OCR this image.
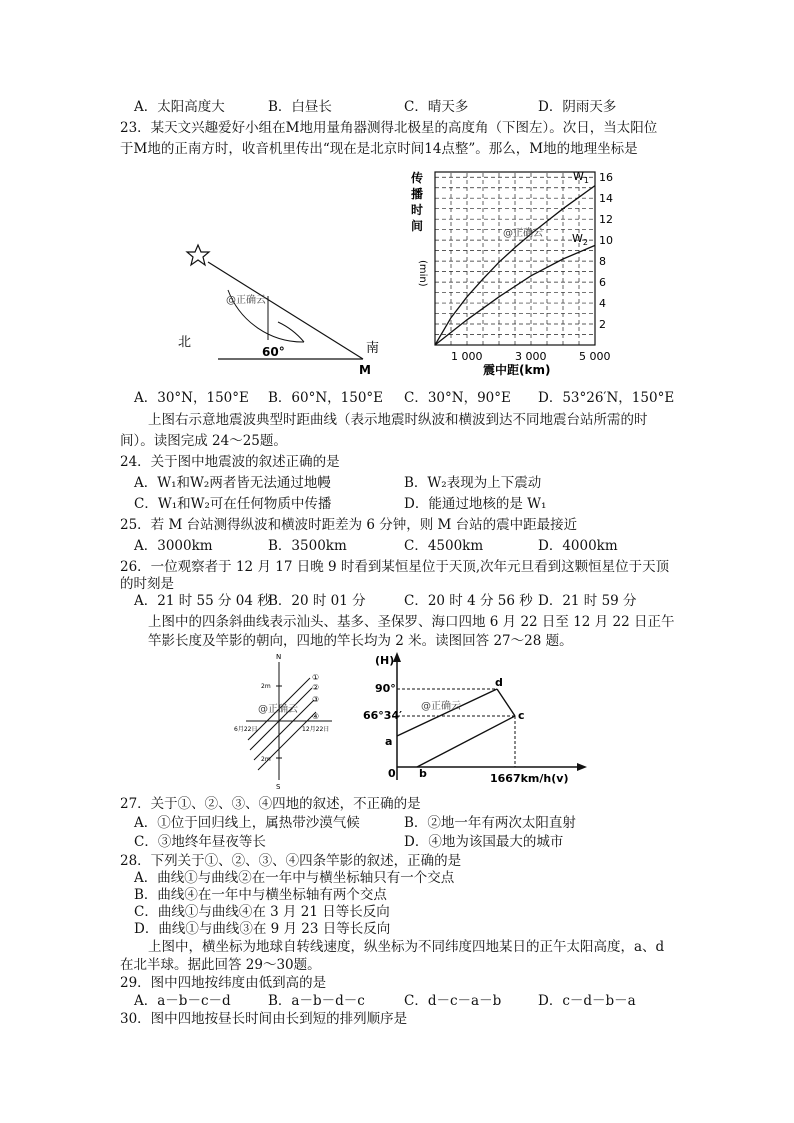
A．太阳高度大	B．白昼长	C．晴天多	D．阴雨天多
23．某天文兴趣爱好小组在M地用量角器测得北极星的高度角（下图左）。次日，当太阳位
于M地的正南方时，收音机里传出“现在是北京时间14点整”。那么，M地的地理坐标是
北	南
60°
M
@正确云
传
播
时
间
(min)
16
14
12
10
8
6
4
2
1 000	3 000	5 000
$W_1$
$W_2$
震中距(km)
@正确云
A．30°N，150°E B．60°N，150°E C．30°N，90°E D．53°26′N，150°E
上图右示意地震波典型时距曲线（表示地震时纵波和横波到达不同地震台站所需的时
间）。读图完成 24～25题。
24．关于图中地震波的叙述正确的是
A．W₁和W₂两者皆无法通过地幔	B．W₂表现为上下震动
C．W₁和W₂可在任何物质中传播	D．能通过地核的是 W₁
25．若 M 台站测得纵波和横波时距差为 6 分钟，则 M 台站的震中距最接近
A．3000km	B．3500km	C．4500km	D．4000km
26．一位观察者于 12 月 17 日晚 9 时看到某恒星位于天顶,次年元旦看到这颗恒星位于天顶
的时刻是
A．21 时 55 分 04 秒
B．20 时 01 分	C．20 时 4 分 56 秒 D．21 时 59 分
上图中的四条斜曲线表示汕头、基多、圣保罗、海口四地 6 月 22 日至 12 月 22 日正午
竿影长度及竿影的朝向，四地的竿长均为 2 米。读图回答 27～28 题。
N
S
2m
2m
6月22日	12月22日
①
②
③
④
@正确云
(H)
90°
66°34′
a
b
c
d
0	1667km/h(v)
@正确云
27．关于①、②、③、④四地的叙述，不正确的是
A．①位于回归线上，属热带沙漠气候	B．②地一年有两次太阳直射
C．③地终年昼夜等长	D．④地为该国最大的城市
28．下列关于①、②、③、④四条竿影的叙述，正确的是
A．曲线①与曲线②在一年中与横坐标轴只有一个交点
B．曲线④在一年中与横坐标轴有两个交点
C．曲线①与曲线④在 3 月 21 日等长反向
D．曲线①与曲线③在 9 月 23 日等长反向
上图中，横坐标为地球自转线速度，纵坐标为不同纬度四地某日的正午太阳高度，a、d
在北半球。据此回答 29～30题。
29．图中四地按纬度由低到高的是
A．a－b－c－d	B．a－b－d－c	C．d－c－a－b	D．c－d－b－a
30．图中四地按昼长时间由长到短的排列顺序是
